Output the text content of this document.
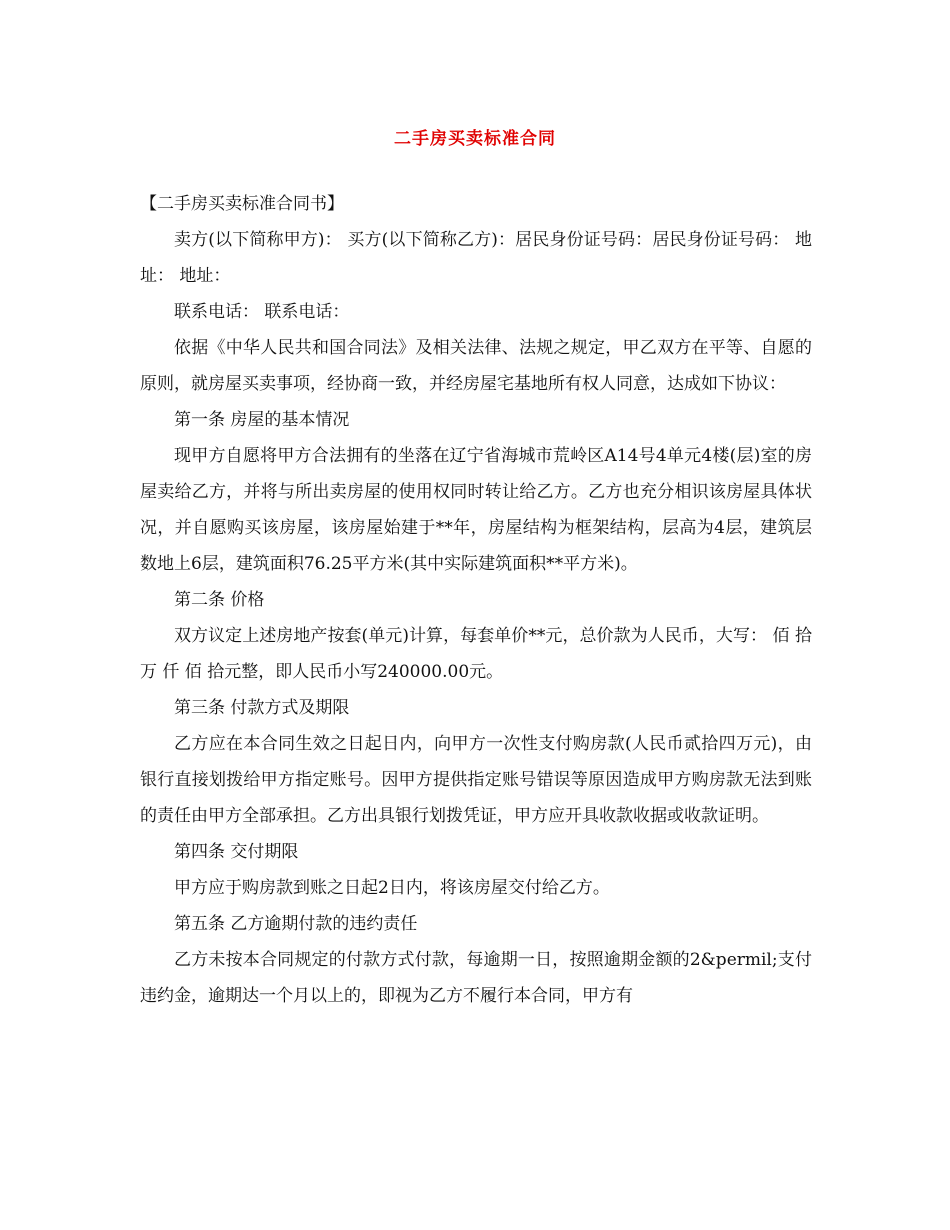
二手房买卖标准合同

【二手房买卖标准合同书】

卖方(以下简称甲方)： 买方(以下简称乙方)：居民身份证号码：居民身份证号码： 地址： 地址：

联系电话： 联系电话：

依据《中华人民共和国合同法》及相关法律、法规之规定，甲乙双方在平等、自愿的原则，就房屋买卖事项，经协商一致，并经房屋宅基地所有权人同意，达成如下协议：

第一条 房屋的基本情况

现甲方自愿将甲方合法拥有的坐落在辽宁省海城市荒岭区A14号4单元4楼(层)室的房屋卖给乙方，并将与所出卖房屋的使用权同时转让给乙方。乙方也充分相识该房屋具体状况，并自愿购买该房屋，该房屋始建于**年，房屋结构为框架结构，层高为4层，建筑层数地上6层，建筑面积76.25平方米(其中实际建筑面积**平方米)。

第二条 价格

双方议定上述房地产按套(单元)计算，每套单价**元，总价款为人民币，大写： 佰 拾万 仟 佰 拾元整，即人民币小写240000.00元。

第三条 付款方式及期限

乙方应在本合同生效之日起日内，向甲方一次性支付购房款(人民币贰拾四万元)，由银行直接划拨给甲方指定账号。因甲方提供指定账号错误等原因造成甲方购房款无法到账的责任由甲方全部承担。乙方出具银行划拨凭证，甲方应开具收款收据或收款证明。

第四条 交付期限

甲方应于购房款到账之日起2日内，将该房屋交付给乙方。

第五条 乙方逾期付款的违约责任

乙方未按本合同规定的付款方式付款，每逾期一日，按照逾期金额的2&permil;支付违约金，逾期达一个月以上的，即视为乙方不履行本合同，甲方有
